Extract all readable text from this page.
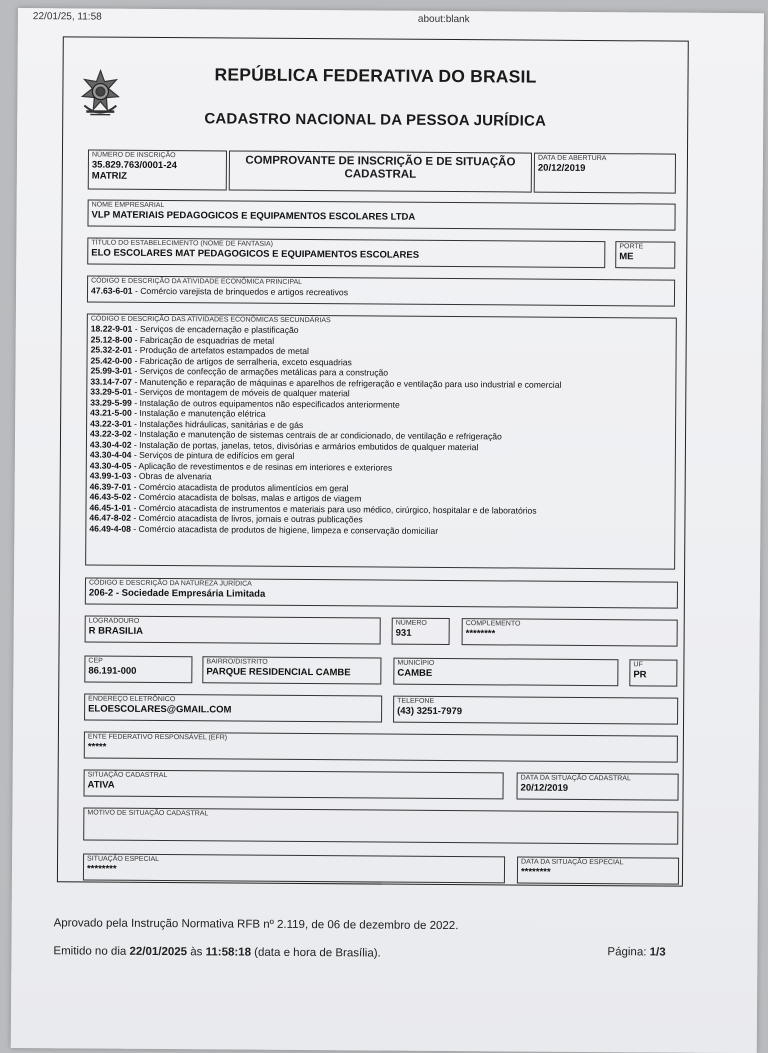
22/01/25, 11:58	about:blank
REPÚBLICA FEDERATIVA DO BRASIL
CADASTRO NACIONAL DA PESSOA JURÍDICA
NÚMERO DE INSCRIÇÃO
35.829.763/0001-24
MATRIZ
COMPROVANTE DE INSCRIÇÃO E DE SITUAÇÃO
CADASTRAL
DATA DE ABERTURA
20/12/2019
NOME EMPRESARIAL
VLP MATERIAIS PEDAGOGICOS E EQUIPAMENTOS ESCOLARES LTDA
TÍTULO DO ESTABELECIMENTO (NOME DE FANTASIA)
ELO ESCOLARES MAT PEDAGOGICOS E EQUIPAMENTOS ESCOLARES
PORTE
ME
CÓDIGO E DESCRIÇÃO DA ATIVIDADE ECONÔMICA PRINCIPAL
47.63-6-01 - Comércio varejista de brinquedos e artigos recreativos
CÓDIGO E DESCRIÇÃO DAS ATIVIDADES ECONÔMICAS SECUNDÁRIAS
18.22-9-01 - Serviços de encadernação e plastificação
25.12-8-00 - Fabricação de esquadrias de metal
25.32-2-01 - Produção de artefatos estampados de metal
25.42-0-00 - Fabricação de artigos de serralheria, exceto esquadrias
25.99-3-01 - Serviços de confecção de armações metálicas para a construção
33.14-7-07 - Manutenção e reparação de máquinas e aparelhos de refrigeração e ventilação para uso industrial e comercial
33.29-5-01 - Serviços de montagem de móveis de qualquer material
33.29-5-99 - Instalação de outros equipamentos não especificados anteriormente
43.21-5-00 - Instalação e manutenção elétrica
43.22-3-01 - Instalações hidráulicas, sanitárias e de gás
43.22-3-02 - Instalação e manutenção de sistemas centrais de ar condicionado, de ventilação e refrigeração
43.30-4-02 - Instalação de portas, janelas, tetos, divisórias e armários embutidos de qualquer material
43.30-4-04 - Serviços de pintura de edifícios em geral
43.30-4-05 - Aplicação de revestimentos e de resinas em interiores e exteriores
43.99-1-03 - Obras de alvenaria
46.39-7-01 - Comércio atacadista de produtos alimentícios em geral
46.43-5-02 - Comércio atacadista de bolsas, malas e artigos de viagem
46.45-1-01 - Comércio atacadista de instrumentos e materiais para uso médico, cirúrgico, hospitalar e de laboratórios
46.47-8-02 - Comércio atacadista de livros, jornais e outras publicações
46.49-4-08 - Comércio atacadista de produtos de higiene, limpeza e conservação domiciliar
CÓDIGO E DESCRIÇÃO DA NATUREZA JURÍDICA
206-2 - Sociedade Empresária Limitada
LOGRADOURO
R BRASILIA
NÚMERO
931
COMPLEMENTO
********
CEP
86.191-000
BAIRRO/DISTRITO
PARQUE RESIDENCIAL CAMBE
MUNICÍPIO
CAMBE
UF
PR
ENDEREÇO ELETRÔNICO
ELOESCOLARES@GMAIL.COM
TELEFONE
(43) 3251-7979
ENTE FEDERATIVO RESPONSÁVEL (EFR)
*****
SITUAÇÃO CADASTRAL
ATIVA
DATA DA SITUAÇÃO CADASTRAL
20/12/2019
MOTIVO DE SITUAÇÃO CADASTRAL
SITUAÇÃO ESPECIAL
********
DATA DA SITUAÇÃO ESPECIAL
********
Aprovado pela Instrução Normativa RFB nº 2.119, de 06 de dezembro de 2022.
Emitido no dia 22/01/2025 às 11:58:18 (data e hora de Brasília).	Página: 1/3
